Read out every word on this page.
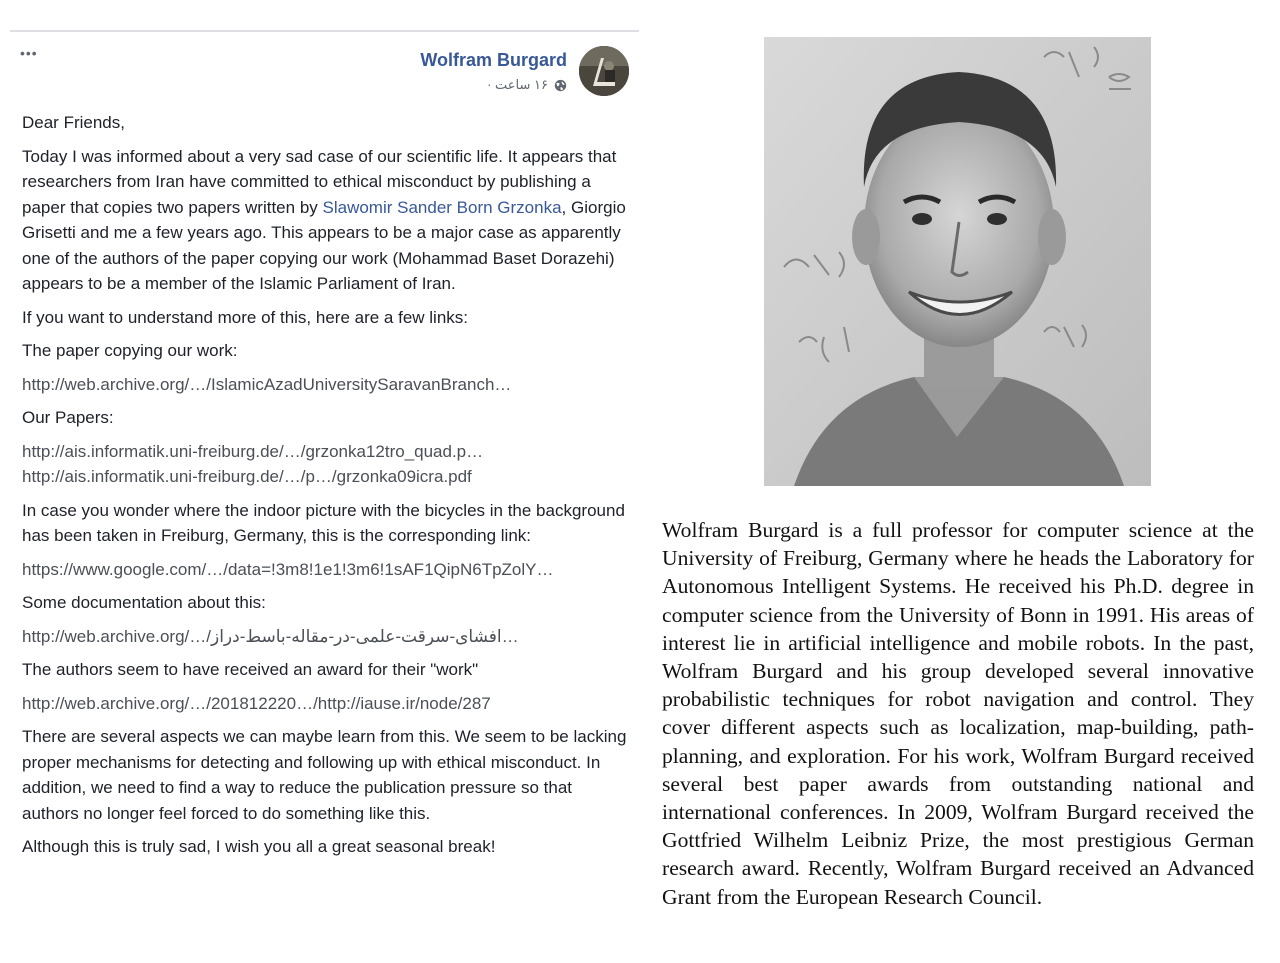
•••	Wolfram Burgard
۱۶ ساعت ·

Dear Friends,

Today I was informed about a very sad case of our scientific life. It appears that researchers from Iran have committed to ethical misconduct by publishing a paper that copies two papers written by Slawomir Sander Born Grzonka, Giorgio Grisetti and me a few years ago. This appears to be a major case as apparently one of the authors of the paper copying our work (Mohammad Baset Dorazehi) appears to be a member of the Islamic Parliament of Iran.

If you want to understand more of this, here are a few links:

The paper copying our work:

http://web.archive.org/…/IslamicAzadUniversitySaravanBranch…

Our Papers:

http://ais.informatik.uni-freiburg.de/…/grzonka12tro_quad.p…
http://ais.informatik.uni-freiburg.de/…/p…/grzonka09icra.pdf

In case you wonder where the indoor picture with the bicycles in the background has been taken in Freiburg, Germany, this is the corresponding link:

https://www.google.com/…/data=!3m8!1e1!3m6!1sAF1QipN6TpZolY…

Some documentation about this:

http://web.archive.org/…/افشای-سرقت-علمی-در-مقاله-باسط-دراز…

The authors seem to have received an award for their "work"

http://web.archive.org/…/201812220…/http://iause.ir/node/287

There are several aspects we can maybe learn from this. We seem to be lacking proper mechanisms for detecting and following up with ethical misconduct. In addition, we need to find a way to reduce the publication pressure so that authors no longer feel forced to do something like this.

Although this is truly sad, I wish you all a great seasonal break!

Wolfram Burgard is a full professor for computer science at the University of Freiburg, Germany where he heads the Laboratory for Autonomous Intelligent Systems. He received his Ph.D. degree in computer science from the University of Bonn in 1991. His areas of interest lie in artificial intelligence and mobile robots. In the past, Wolfram Burgard and his group developed several innovative probabilistic techniques for robot navigation and control. They cover different aspects such as localization, map-building, path-planning, and exploration. For his work, Wolfram Burgard received several best paper awards from outstanding national and international conferences. In 2009, Wolfram Burgard received the Gottfried Wilhelm Leibniz Prize, the most prestigious German research award. Recently, Wolfram Burgard received an Advanced Grant from the European Research Council.
